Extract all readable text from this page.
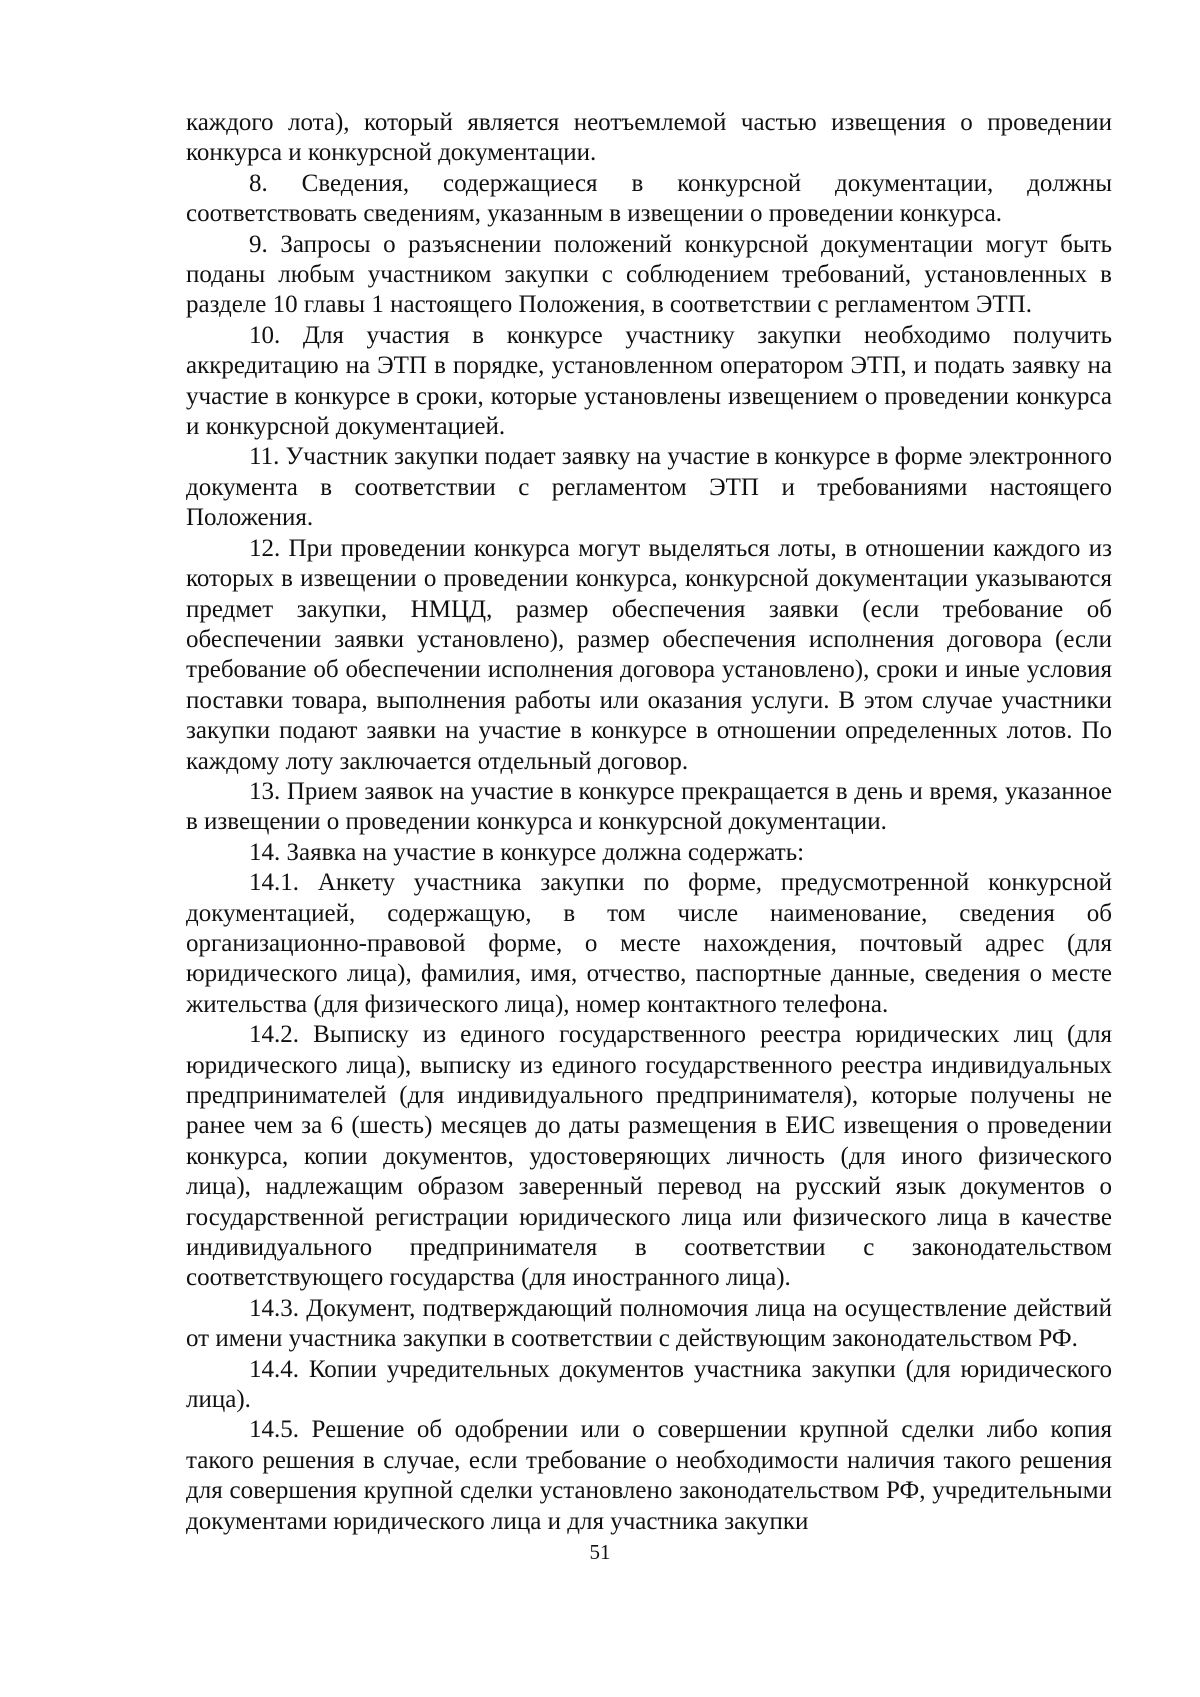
каждого лота), который является неотъемлемой частью извещения о проведении конкурса и конкурсной документации.

8. Сведения, содержащиеся в конкурсной документации, должны соответствовать сведениям, указанным в извещении о проведении конкурса.

9. Запросы о разъяснении положений конкурсной документации могут быть поданы любым участником закупки с соблюдением требований, установленных в разделе 10 главы 1 настоящего Положения, в соответствии с регламентом ЭТП.

10. Для участия в конкурсе участнику закупки необходимо получить аккредитацию на ЭТП в порядке, установленном оператором ЭТП, и подать заявку на участие в конкурсе в сроки, которые установлены извещением о проведении конкурса и конкурсной документацией.

11. Участник закупки подает заявку на участие в конкурсе в форме электронного документа в соответствии с регламентом ЭТП и требованиями настоящего Положения.

12. При проведении конкурса могут выделяться лоты, в отношении каждого из которых в извещении о проведении конкурса, конкурсной документации указываются предмет закупки, НМЦД, размер обеспечения заявки (если требование об обеспечении заявки установлено), размер обеспечения исполнения договора (если требование об обеспечении исполнения договора установлено), сроки и иные условия поставки товара, выполнения работы или оказания услуги. В этом случае участники закупки подают заявки на участие в конкурсе в отношении определенных лотов. По каждому лоту заключается отдельный договор.

13. Прием заявок на участие в конкурсе прекращается в день и время, указанное в извещении о проведении конкурса и конкурсной документации.

14. Заявка на участие в конкурсе должна содержать:

14.1. Анкету участника закупки по форме, предусмотренной конкурсной документацией, содержащую, в том числе наименование, сведения об организационно-правовой форме, о месте нахождения, почтовый адрес (для юридического лица), фамилия, имя, отчество, паспортные данные, сведения о месте жительства (для физического лица), номер контактного телефона.

14.2. Выписку из единого государственного реестра юридических лиц (для юридического лица), выписку из единого государственного реестра индивидуальных предпринимателей (для индивидуального предпринимателя), которые получены не ранее чем за 6 (шесть) месяцев до даты размещения в ЕИС извещения о проведении конкурса, копии документов, удостоверяющих личность (для иного физического лица), надлежащим образом заверенный перевод на русский язык документов о государственной регистрации юридического лица или физического лица в качестве индивидуального предпринимателя в соответствии с законодательством соответствующего государства (для иностранного лица).

14.3. Документ, подтверждающий полномочия лица на осуществление действий от имени участника закупки в соответствии с действующим законодательством РФ.

14.4. Копии учредительных документов участника закупки (для юридического лица).

14.5. Решение об одобрении или о совершении крупной сделки либо копия такого решения в случае, если требование о необходимости наличия такого решения для совершения крупной сделки установлено законодательством РФ, учредительными документами юридического лица и для участника закупки

51
